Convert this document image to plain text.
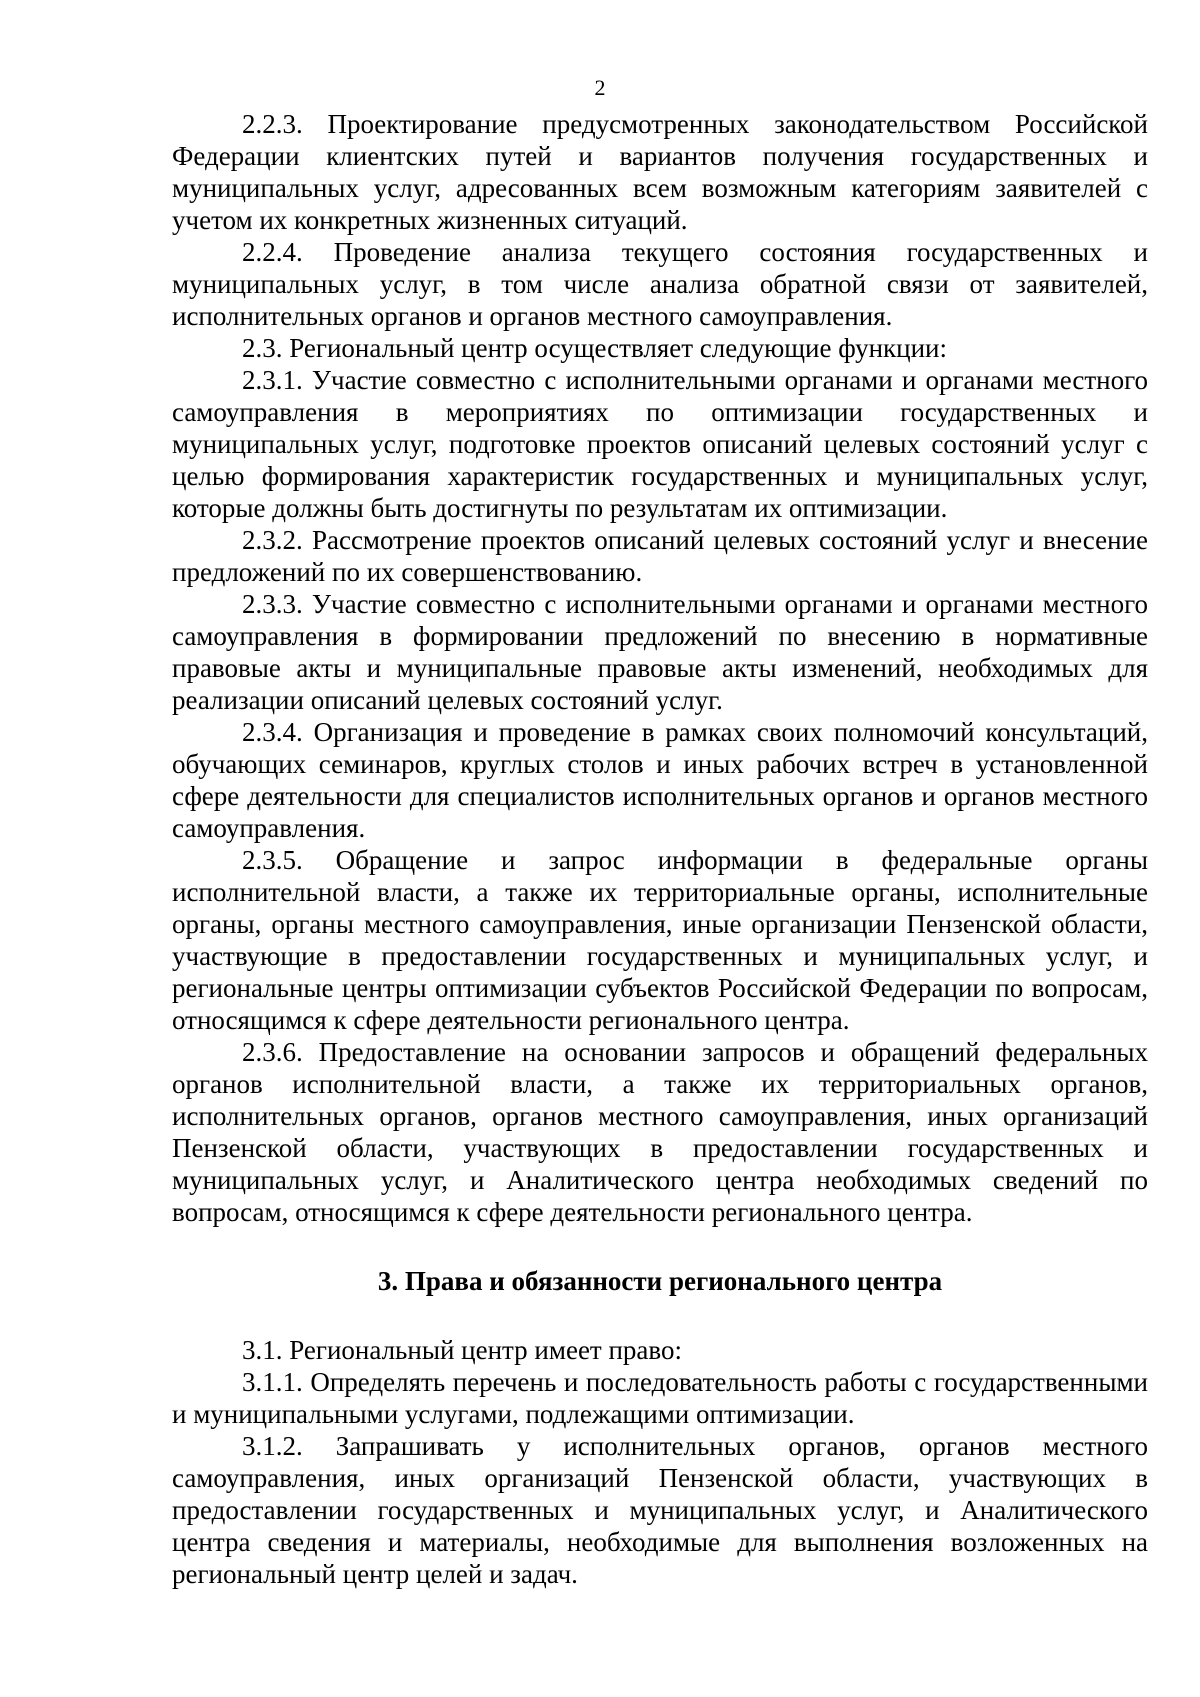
2

2.2.3. Проектирование предусмотренных законодательством Российской Федерации клиентских путей и вариантов получения государственных и муниципальных услуг, адресованных всем возможным категориям заявителей с учетом их конкретных жизненных ситуаций.

2.2.4. Проведение анализа текущего состояния государственных и муниципальных услуг, в том числе анализа обратной связи от заявителей, исполнительных органов и органов местного самоуправления.

2.3. Региональный центр осуществляет следующие функции:

2.3.1. Участие совместно с исполнительными органами и органами местного самоуправления в мероприятиях по оптимизации государственных и муниципальных услуг, подготовке проектов описаний целевых состояний услуг с целью формирования характеристик государственных и муниципальных услуг, которые должны быть достигнуты по результатам их оптимизации.

2.3.2. Рассмотрение проектов описаний целевых состояний услуг и внесение предложений по их совершенствованию.

2.3.3. Участие совместно с исполнительными органами и органами местного самоуправления в формировании предложений по внесению в нормативные правовые акты и муниципальные правовые акты изменений, необходимых для реализации описаний целевых состояний услуг.

2.3.4. Организация и проведение в рамках своих полномочий консультаций, обучающих семинаров, круглых столов и иных рабочих встреч в установленной сфере деятельности для специалистов исполнительных органов и органов местного самоуправления.

2.3.5. Обращение и запрос информации в федеральные органы исполнительной власти, а также их территориальные органы, исполнительные органы, органы местного самоуправления, иные организации Пензенской области, участвующие в предоставлении государственных и муниципальных услуг, и региональные центры оптимизации субъектов Российской Федерации по вопросам, относящимся к сфере деятельности регионального центра.

2.3.6. Предоставление на основании запросов и обращений федеральных органов исполнительной власти, а также их территориальных органов, исполнительных органов, органов местного самоуправления, иных организаций Пензенской области, участвующих в предоставлении государственных и муниципальных услуг, и Аналитического центра необходимых сведений по вопросам, относящимся к сфере деятельности регионального центра.

3. Права и обязанности регионального центра

3.1. Региональный центр имеет право:

3.1.1. Определять перечень и последовательность работы с государственными и муниципальными услугами, подлежащими оптимизации.

3.1.2. Запрашивать у исполнительных органов, органов местного самоуправления, иных организаций Пензенской области, участвующих в предоставлении государственных и муниципальных услуг, и Аналитического центра сведения и материалы, необходимые для выполнения возложенных на региональный центр целей и задач.
